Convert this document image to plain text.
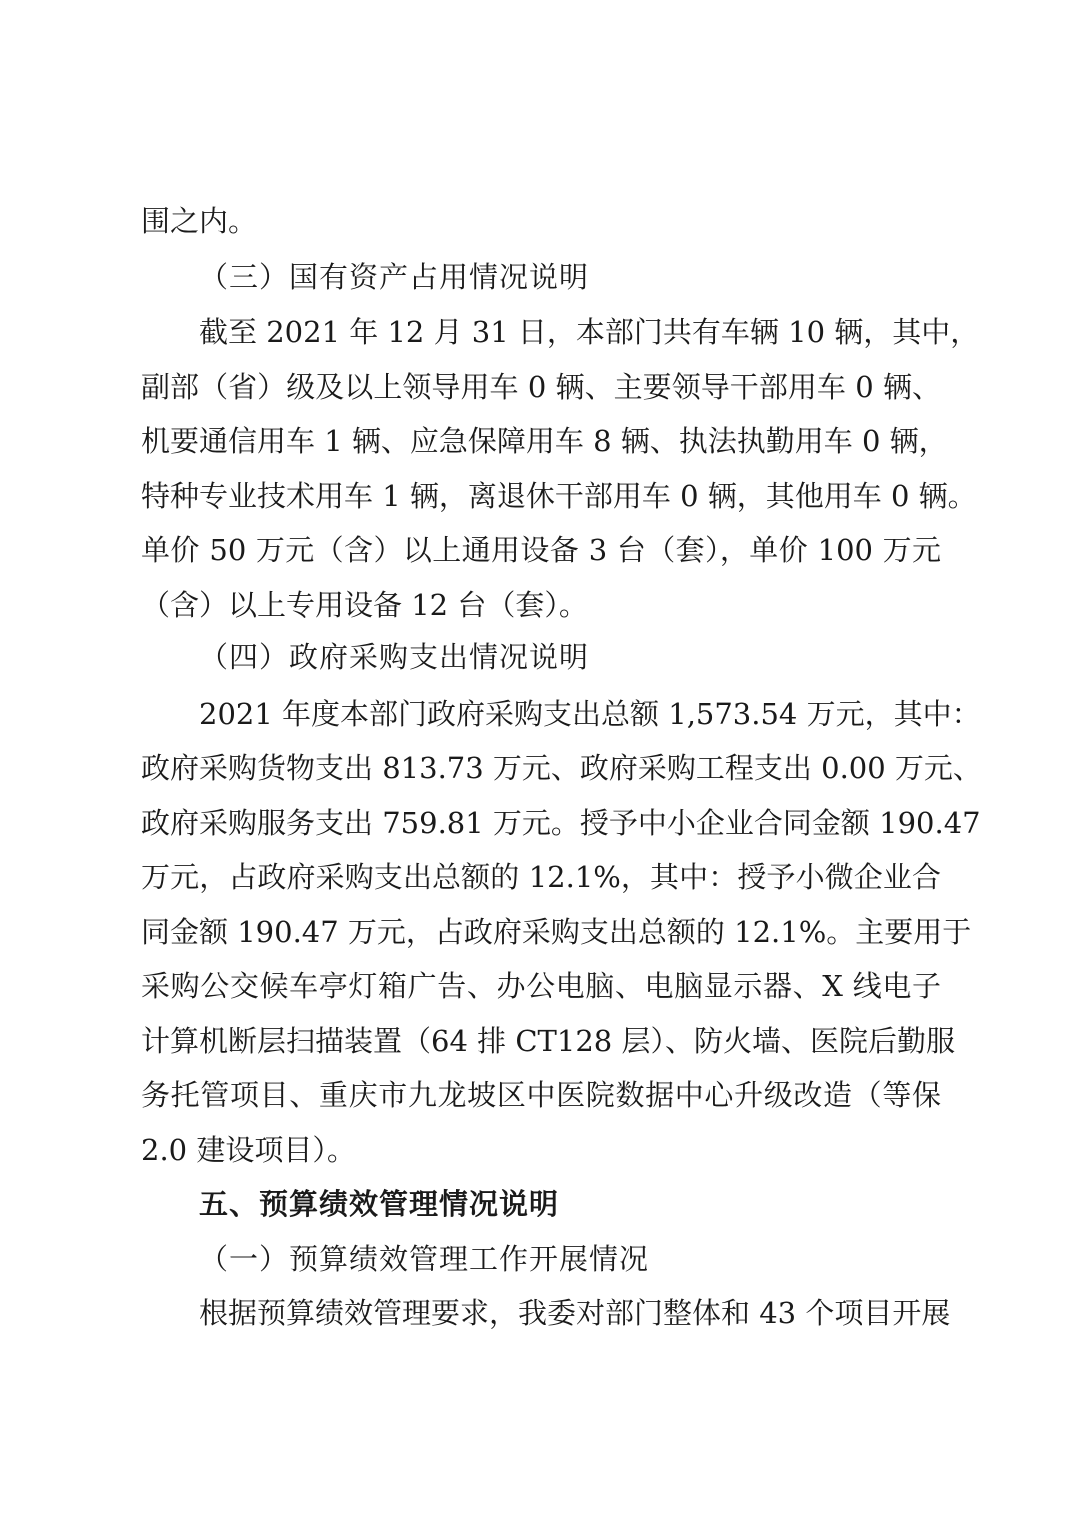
围之内。
（三）国有资产占用情况说明
截至 2021 年 12 月 31 日，本部门共有车辆 10 辆，其中，
副部（省）级及以上领导用车 0 辆、主要领导干部用车 0 辆、
机要通信用车 1 辆、应急保障用车 8 辆、执法执勤用车 0 辆，
特种专业技术用车 1 辆，离退休干部用车 0 辆，其他用车 0 辆。
单价 50 万元（含）以上通用设备 3 台（套），单价 100 万元
（含）以上专用设备 12 台（套）。
（四）政府采购支出情况说明
2021 年度本部门政府采购支出总额 1,573.54 万元，其中：
政府采购货物支出 813.73 万元、政府采购工程支出 0.00 万元、
政府采购服务支出 759.81 万元。授予中小企业合同金额 190.47
万元，占政府采购支出总额的 12.1%，其中：授予小微企业合
同金额 190.47 万元，占政府采购支出总额的 12.1%。主要用于
采购公交候车亭灯箱广告、办公电脑、电脑显示器、X 线电子
计算机断层扫描装置（64 排 CT128 层）、防火墙、医院后勤服
务托管项目、重庆市九龙坡区中医院数据中心升级改造（等保
2.0 建设项目）。
五、预算绩效管理情况说明
（一）预算绩效管理工作开展情况
根据预算绩效管理要求，我委对部门整体和 43 个项目开展
